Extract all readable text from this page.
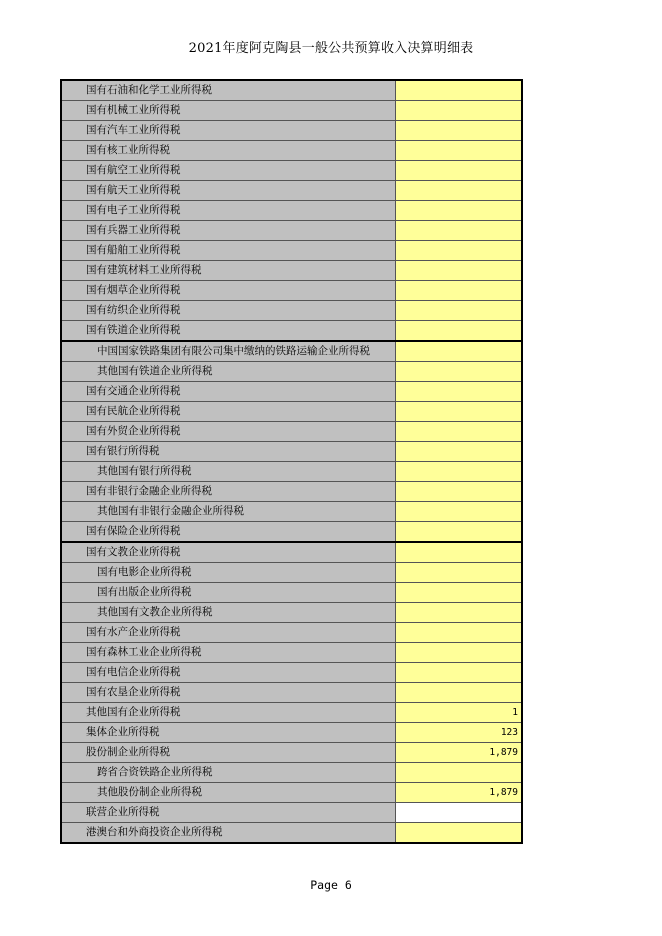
2021年度阿克陶县一般公共预算收入决算明细表
国有石油和化学工业所得税	
国有机械工业所得税	
国有汽车工业所得税	
国有核工业所得税	
国有航空工业所得税	
国有航天工业所得税	
国有电子工业所得税	
国有兵器工业所得税	
国有船舶工业所得税	
国有建筑材料工业所得税	
国有烟草企业所得税	
国有纺织企业所得税	
国有铁道企业所得税	
中国国家铁路集团有限公司集中缴纳的铁路运输企业所得税	
其他国有铁道企业所得税	
国有交通企业所得税	
国有民航企业所得税	
国有外贸企业所得税	
国有银行所得税	
其他国有银行所得税	
国有非银行金融企业所得税	
其他国有非银行金融企业所得税	
国有保险企业所得税	
国有文教企业所得税	
国有电影企业所得税	
国有出版企业所得税	
其他国有文教企业所得税	
国有水产企业所得税	
国有森林工业企业所得税	
国有电信企业所得税	
国有农垦企业所得税	
其他国有企业所得税	1
集体企业所得税	123
股份制企业所得税	1,879
跨省合资铁路企业所得税	
其他股份制企业所得税	1,879
联营企业所得税	
港澳台和外商投资企业所得税	
Page 6
